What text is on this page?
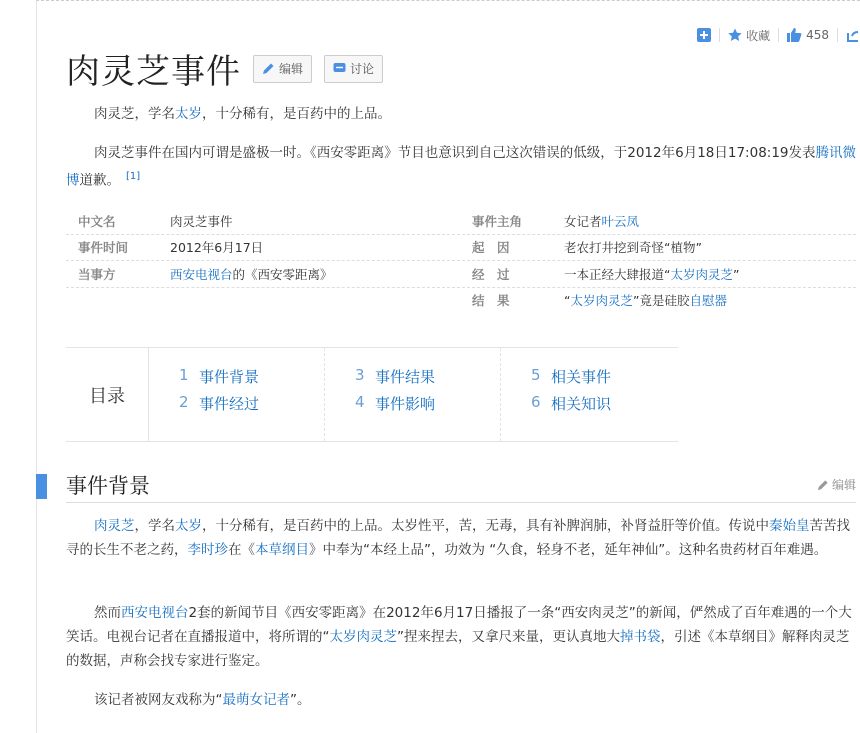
收藏	458
肉灵芝事件	编辑	讨论
肉灵芝，学名太岁，十分稀有，是百药中的上品。
肉灵芝事件在国内可谓是盛极一时。《西安零距离》节目也意识到自己这次错误的低级，于2012年6月18日17:08:19发表腾讯微博道歉。 [1]
中文名	肉灵芝事件	事件主角	女记者叶云凤
事件时间	2012年6月17日	起　因	老农打井挖到奇怪“植物”
当事方	西安电视台的《西安零距离》	经　过	一本正经大肆报道“太岁肉灵芝”
结　果	“太岁肉灵芝”竟是硅胶自慰器
目录
1 事件背景
2 事件经过
3 事件结果
4 事件影响
5 相关事件
6 相关知识
事件背景	编辑
肉灵芝，学名太岁，十分稀有，是百药中的上品。太岁性平，苦，无毒，具有补脾润肺，补肾益肝等价值。传说中秦始皇苦苦找寻的长生不老之药，李时珍在《本草纲目》中奉为“本经上品”，功效为 “久食，轻身不老，延年神仙”。这种名贵药材百年难遇。
然而西安电视台2套的新闻节目《西安零距离》在2012年6月17日播报了一条“西安肉灵芝”的新闻，俨然成了百年难遇的一个大笑话。电视台记者在直播报道中，将所谓的“太岁肉灵芝”捏来捏去，又拿尺来量，更认真地大掉书袋，引述《本草纲目》解释肉灵芝的数据，声称会找专家进行鉴定。
该记者被网友戏称为“最萌女记者”。
